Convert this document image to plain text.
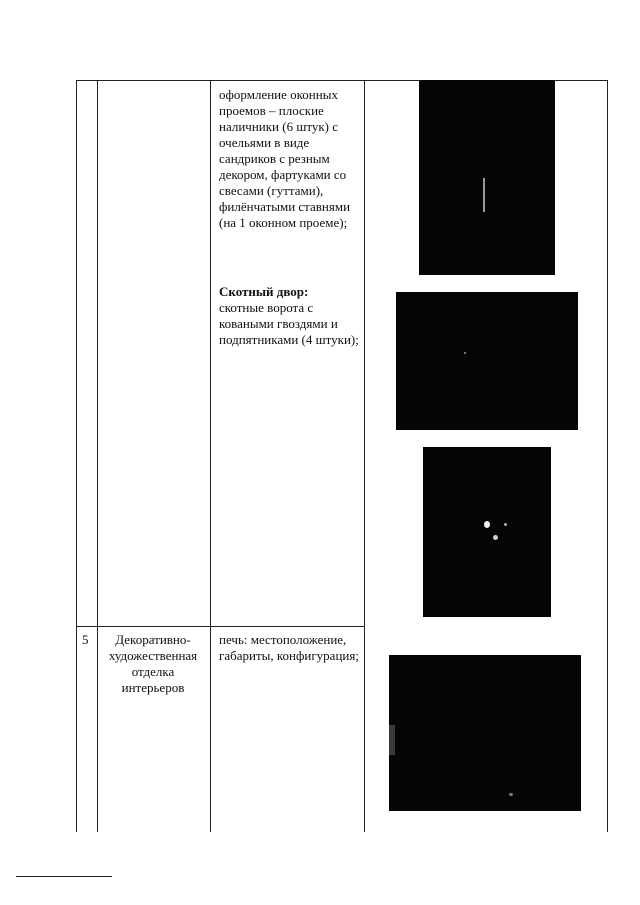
оформление оконных проемов – плоские наличники (6 штук) с очельями в виде сандриков с резным декором, фартуками со свесами (гуттами), филёнчатыми ставнями (на 1 оконном проеме);
Скотный двор:
скотные ворота с коваными гвоздями и подпятниками (4 штуки);
5	Декоративно-художественная отделка интерьеров
печь: местоположение, габариты, конфигурация;
